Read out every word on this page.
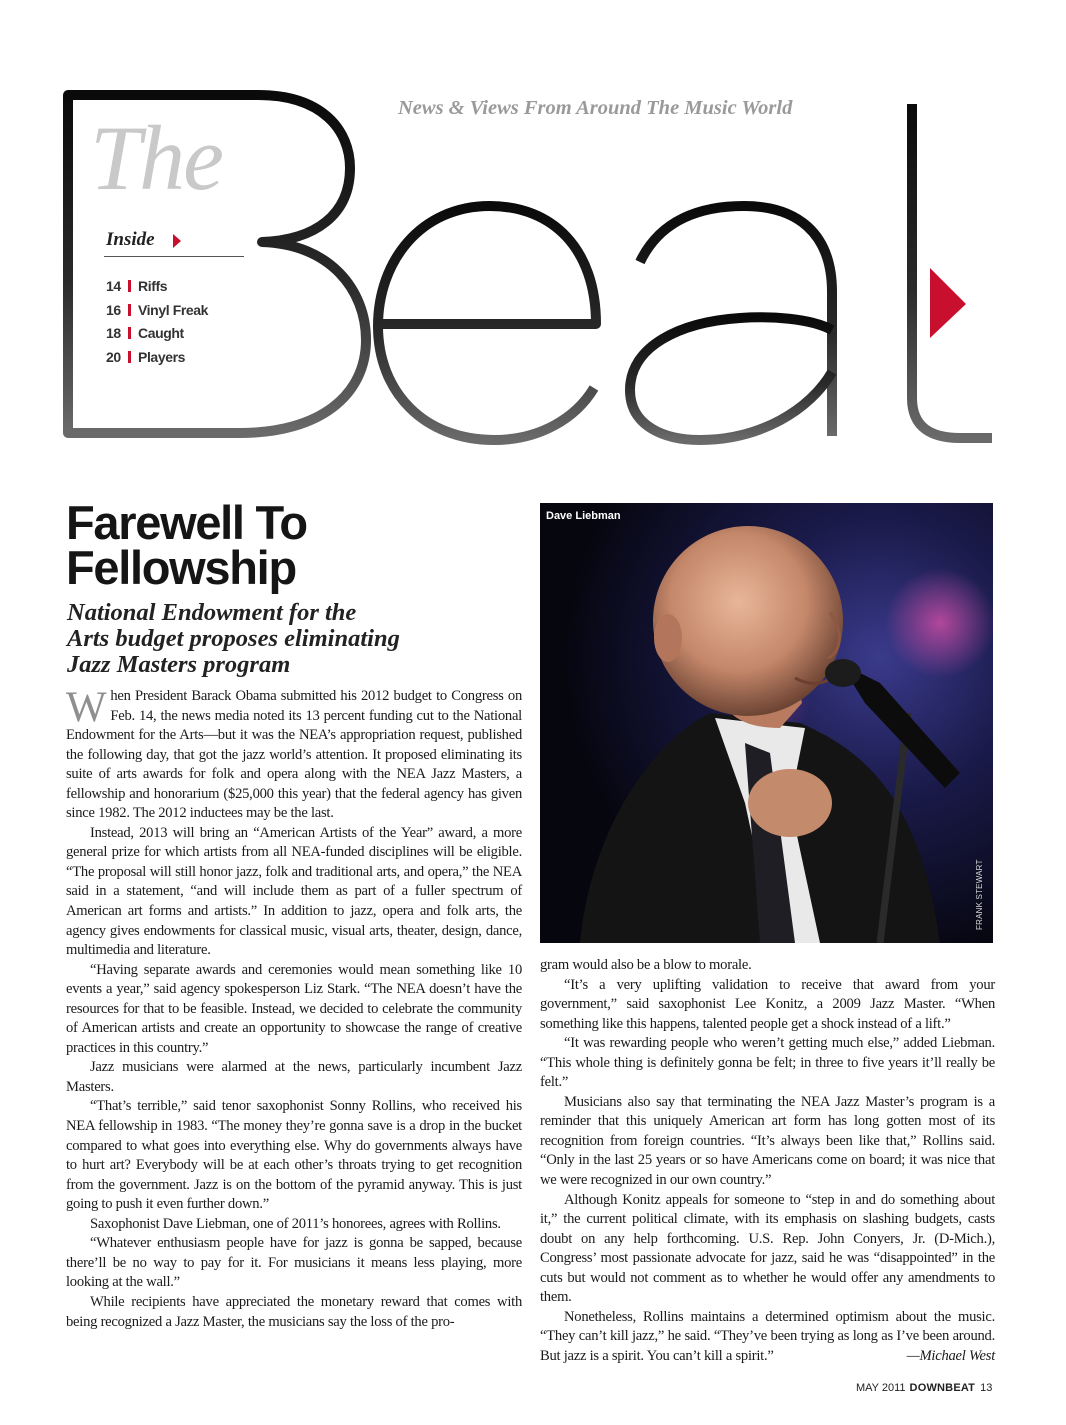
News & Views From Around The Music World
The
Inside
14 Riffs
16 Vinyl Freak
18 Caught
20 Players
Farewell To
Fellowship
National Endowment for the
Arts budget proposes eliminating
Jazz Masters program

When President Barack Obama submitted his 2012 budget to Congress on Feb. 14, the news media noted its 13 percent funding cut to the National Endowment for the Arts—but it was the NEA’s appropriation request, published the following day, that got the jazz world’s attention. It proposed eliminating its suite of arts awards for folk and opera along with the NEA Jazz Masters, a fellowship and honorarium ($25,000 this year) that the federal agency has given since 1982. The 2012 inductees may be the last.

Instead, 2013 will bring an “American Artists of the Year” award, a more general prize for which artists from all NEA-funded disciplines will be eligible. “The proposal will still honor jazz, folk and traditional arts, and opera,” the NEA said in a statement, “and will include them as part of a fuller spectrum of American art forms and artists.” In addition to jazz, opera and folk arts, the agency gives endowments for classical music, visual arts, theater, design, dance, multimedia and literature.

“Having separate awards and ceremonies would mean something like 10 events a year,” said agency spokesperson Liz Stark. “The NEA doesn’t have the resources for that to be feasible. Instead, we decided to celebrate the community of American artists and create an opportunity to showcase the range of creative practices in this country.”

Jazz musicians were alarmed at the news, particularly incumbent Jazz Masters.

“That’s terrible,” said tenor saxophonist Sonny Rollins, who received his NEA fellowship in 1983. “The money they’re gonna save is a drop in the bucket compared to what goes into everything else. Why do governments always have to hurt art? Everybody will be at each other’s throats trying to get recognition from the government. Jazz is on the bottom of the pyramid anyway. This is just going to push it even further down.”

Saxophonist Dave Liebman, one of 2011’s honorees, agrees with Rollins.

“Whatever enthusiasm people have for jazz is gonna be sapped, because there’ll be no way to pay for it. For musicians it means less playing, more looking at the wall.”

While recipients have appreciated the monetary reward that comes with being recognized a Jazz Master, the musicians say the loss of the pro-

Dave Liebman
FRANK STEWART

gram would also be a blow to morale.

“It’s a very uplifting validation to receive that award from your government,” said saxophonist Lee Konitz, a 2009 Jazz Master. “When something like this happens, talented people get a shock instead of a lift.”

“It was rewarding people who weren’t getting much else,” added Liebman. “This whole thing is definitely gonna be felt; in three to five years it’ll really be felt.”

Musicians also say that terminating the NEA Jazz Master’s program is a reminder that this uniquely American art form has long gotten most of its recognition from foreign countries. “It’s always been like that,” Rollins said. “Only in the last 25 years or so have Americans come on board; it was nice that we were recognized in our own country.”

Although Konitz appeals for someone to “step in and do something about it,” the current political climate, with its emphasis on slashing budgets, casts doubt on any help forthcoming. U.S. Rep. John Conyers, Jr. (D-Mich.), Congress’ most passionate advocate for jazz, said he was “disappointed” in the cuts but would not comment as to whether he would offer any amendments to them.

Nonetheless, Rollins maintains a determined optimism about the music. “They can’t kill jazz,” he said. “They’ve been trying as long as I’ve been around. But jazz is a spirit. You can’t kill a spirit.”	—Michael West

MAY 2011 DOWNBEAT 13
